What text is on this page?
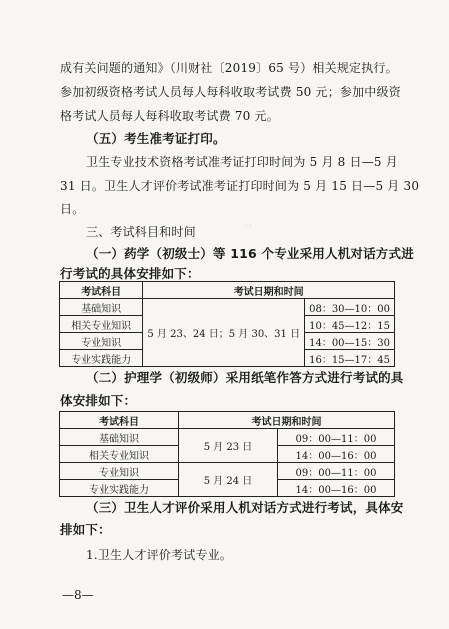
成有关问题的通知》（川财社〔2019〕65 号）相关规定执行。
参加初级资格考试人员每人每科收取考试费 50 元；参加中级资
格考试人员每人每科收取考试费 70 元。
（五）考生准考证打印。
卫生专业技术资格考试准考证打印时间为 5 月 8 日—5 月
31 日。卫生人才评价考试准考证打印时间为 5 月 15 日—5 月 30
日。
三、考试科目和时间
（一）药学（初级士）等 116 个专业采用人机对话方式进
行考试的具体安排如下：
考试科目	考试日期和时间	
基础知识	5 月 23、24 日；5 月 30、31 日	08：30—10：00
相关专业知识		10：45—12：15
专业知识		14：00—15：30
专业实践能力		16：15—17：45
（二）护理学（初级师）采用纸笔作答方式进行考试的具
体安排如下：
考试科目	考试日期和时间	
基础知识	5 月 23 日	09：00—11：00
相关专业知识		14：00—16：00
专业知识	5 月 24 日	09：00—11：00
专业实践能力		14：00—16：00
（三）卫生人才评价采用人机对话方式进行考试，具体安
排如下：
1.卫生人才评价考试专业。
—8—
· ·
